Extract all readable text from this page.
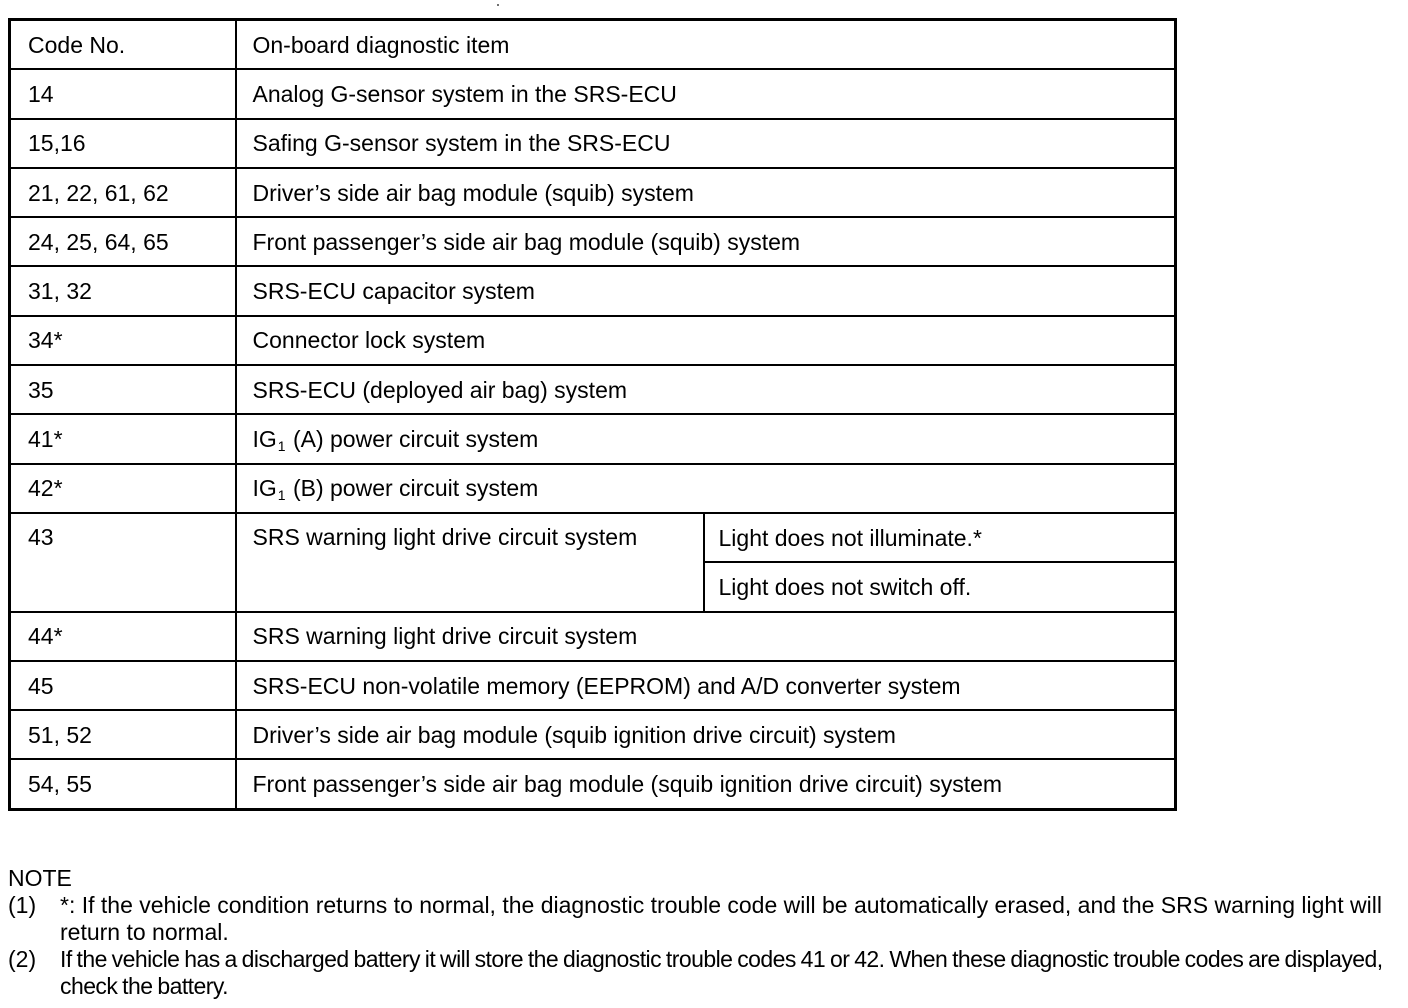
Code No.	On-board diagnostic item	
14	Analog G-sensor system in the SRS-ECU	
15,16	Safing G-sensor system in the SRS-ECU	
21, 22, 61, 62	Driver’s side air bag module (squib) system	
24, 25, 64, 65	Front passenger’s side air bag module (squib) system	
31, 32	SRS-ECU capacitor system	
34*	Connector lock system	
35	SRS-ECU (deployed air bag) system	
41*	$IG_1$ (A) power circuit system	
42*	$IG_1$ (B) power circuit system	
43	SRS warning light drive circuit system	Light does not illuminate.*
		Light does not switch off.
44*	SRS warning light drive circuit system	
45	SRS-ECU non-volatile memory (EEPROM) and A/D converter system	
51, 52	Driver’s side air bag module (squib ignition drive circuit) system	
54, 55	Front passenger’s side air bag module (squib ignition drive circuit) system	

NOTE

(1) *: If the vehicle condition returns to normal, the diagnostic trouble code will be automatically erased, and the SRS warning light will return to normal.

(2) If the vehicle has a discharged battery it will store the diagnostic trouble codes 41 or 42. When these diagnostic trouble codes are displayed, check the battery.
